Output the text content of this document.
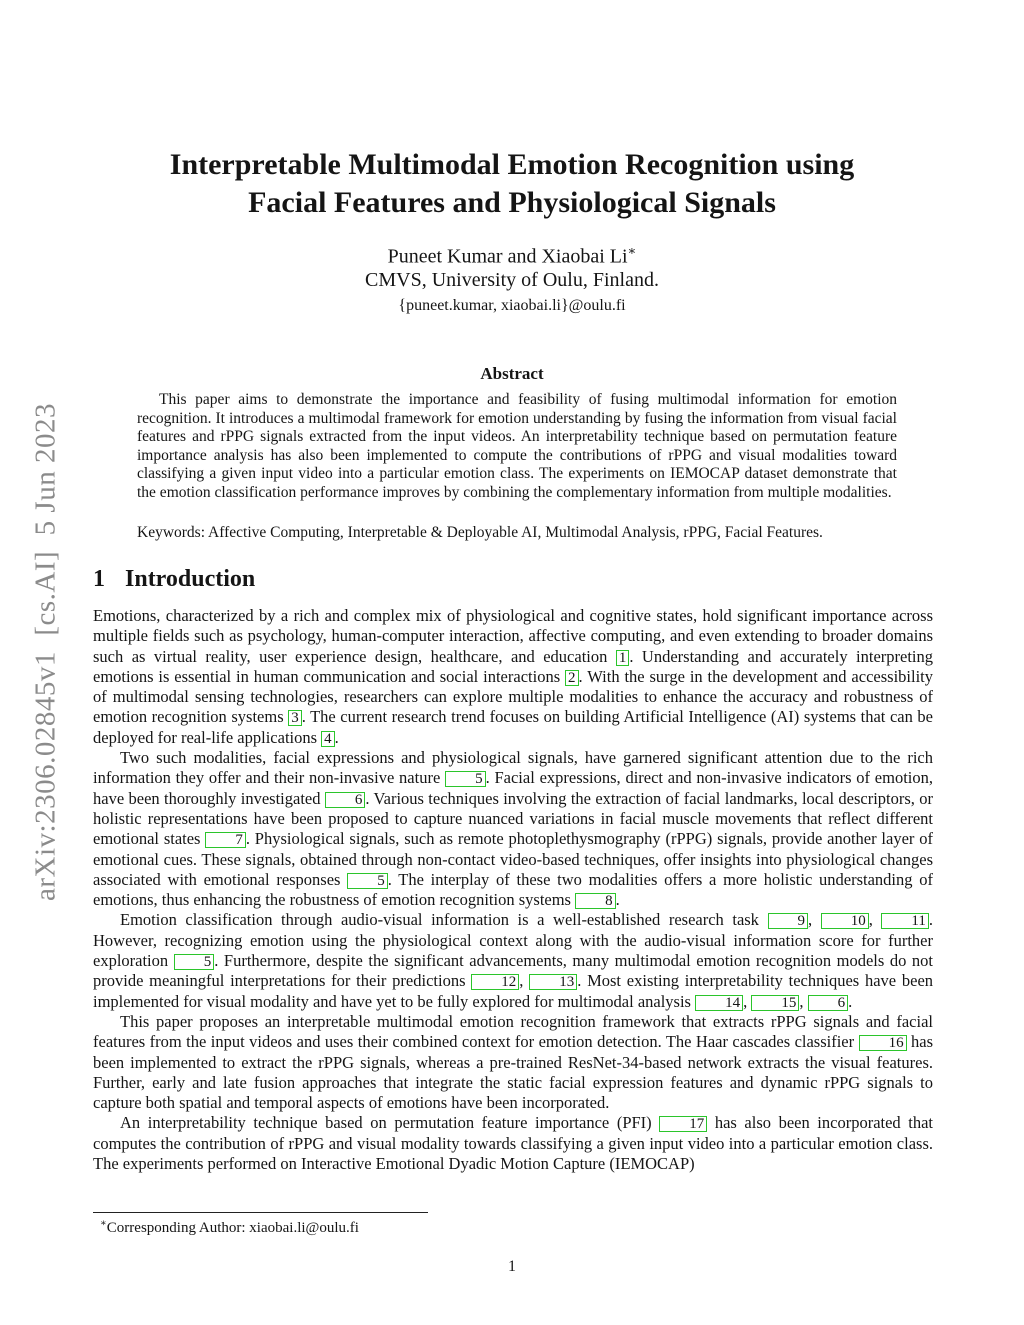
arXiv:2306.02845v1  [cs.AI]  5 Jun 2023
Interpretable Multimodal Emotion Recognition using
Facial Features and Physiological Signals
Puneet Kumar and Xiaobai Li∗
CMVS, University of Oulu, Finland.
{puneet.kumar, xiaobai.li}@oulu.fi
Abstract
This paper aims to demonstrate the importance and feasibility of fusing multimodal information for emotion recognition. It introduces a multimodal framework for emotion understanding by fusing the information from visual facial features and rPPG signals extracted from the input videos. An interpretability technique based on permutation feature importance analysis has also been implemented to compute the contributions of rPPG and visual modalities toward classifying a given input video into a particular emotion class. The experiments on IEMOCAP dataset demonstrate that the emotion classification performance improves by combining the complementary information from multiple modalities.
Keywords: Affective Computing, Interpretable & Deployable AI, Multimodal Analysis, rPPG, Facial Features.
1 Introduction

Emotions, characterized by a rich and complex mix of physiological and cognitive states, hold significant importance across multiple fields such as psychology, human-computer interaction, affective computing, and even extending to broader domains such as virtual reality, user experience design, healthcare, and education 1 . Understanding and accurately interpreting emotions is essential in human communication and social interactions 2 . With the surge in the development and accessibility of multimodal sensing technologies, researchers can explore multiple modalities to enhance the accuracy and robustness of emotion recognition systems 3 . The current research trend focuses on building Artificial Intelligence (AI) systems that can be deployed for real-life applications 4 .

Two such modalities, facial expressions and physiological signals, have garnered significant attention due to the rich information they offer and their non-invasive nature 5 . Facial expressions, direct and non-invasive indicators of emotion, have been thoroughly investigated 6 . Various techniques involving the extraction of facial landmarks, local descriptors, or holistic representations have been proposed to capture nuanced variations in facial muscle movements that reflect different emotional states 7 . Physiological signals, such as remote photoplethysmography (rPPG) signals, provide another layer of emotional cues. These signals, obtained through non-contact video-based techniques, offer insights into physiological changes associated with emotional responses 5 . The interplay of these two modalities offers a more holistic understanding of emotions, thus enhancing the robustness of emotion recognition systems 8 .

Emotion classification through audio-visual information is a well-established research task 9 , 10 , 11 . However, recognizing emotion using the physiological context along with the audio-visual information score for further exploration 5 . Furthermore, despite the significant advancements, many multimodal emotion recognition models do not provide meaningful interpretations for their predictions 12 , 13 . Most existing interpretability techniques have been implemented for visual modality and have yet to be fully explored for multimodal analysis 14 , 15 , 6 .

This paper proposes an interpretable multimodal emotion recognition framework that extracts rPPG signals and facial features from the input videos and uses their combined context for emotion detection. The Haar cascades classifier 16 has been implemented to extract the rPPG signals, whereas a pre-trained ResNet-34-based network extracts the visual features. Further, early and late fusion approaches that integrate the static facial expression features and dynamic rPPG signals to capture both spatial and temporal aspects of emotions have been incorporated.

An interpretability technique based on permutation feature importance (PFI) 17 has also been incorporated that computes the contribution of rPPG and visual modality towards classifying a given input video into a particular emotion class. The experiments performed on Interactive Emotional Dyadic Motion Capture (IEMOCAP)

∗Corresponding Author: xiaobai.li@oulu.fi
1
